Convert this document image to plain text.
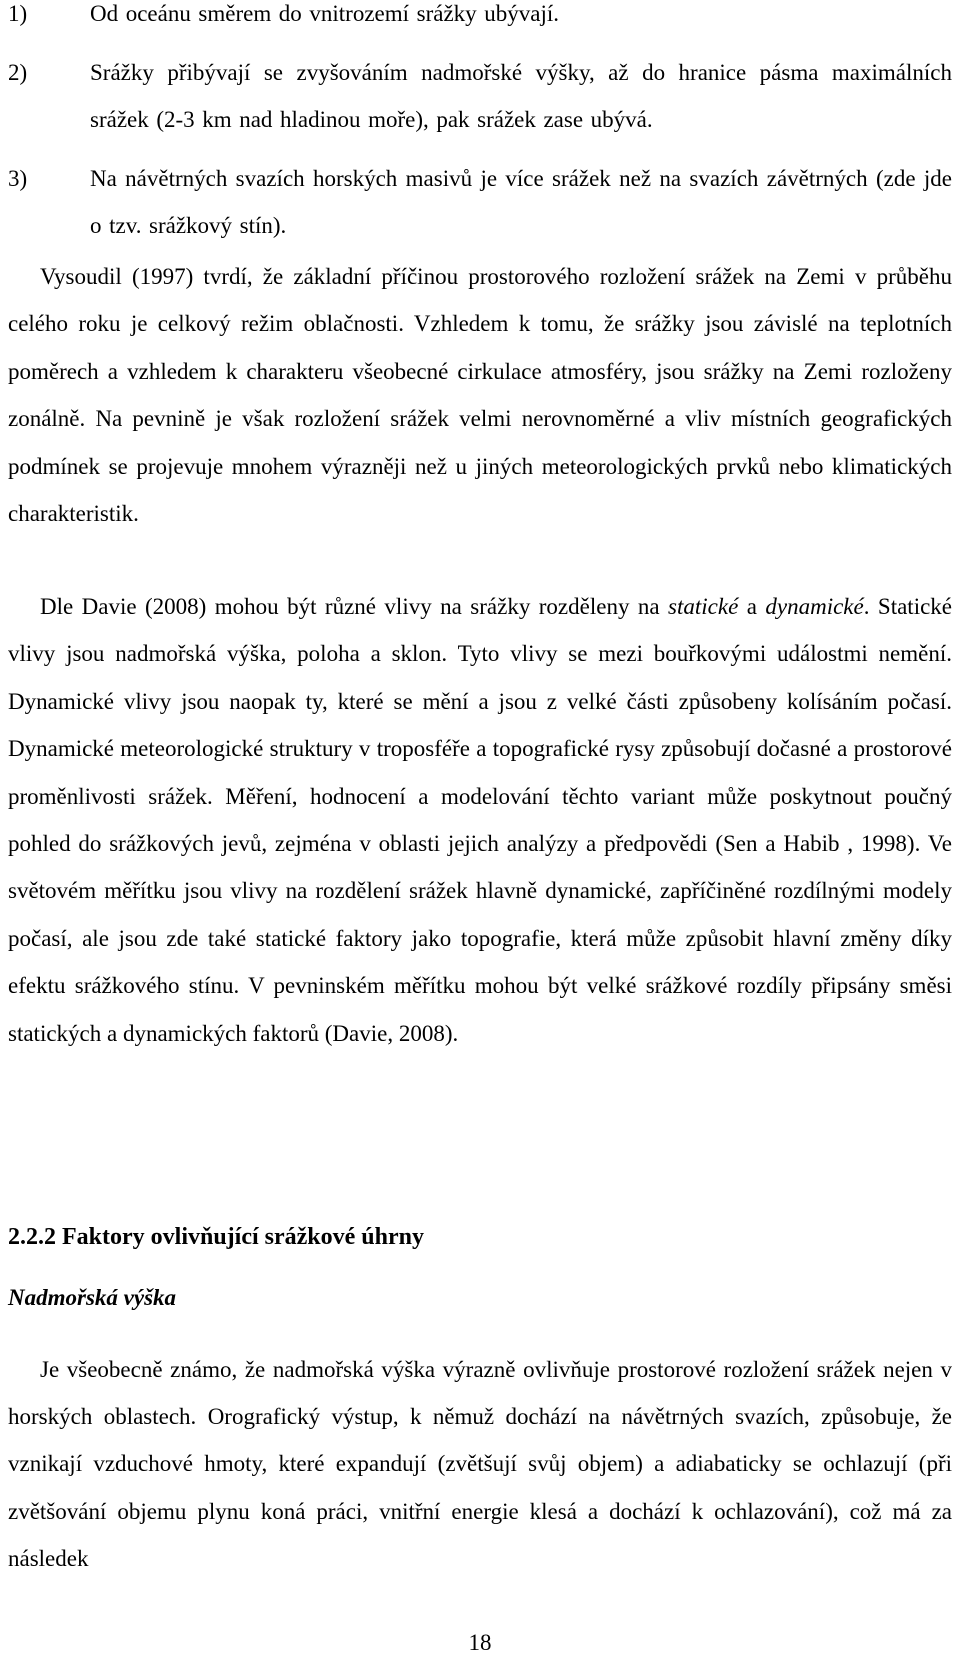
1)	Od oceánu směrem do vnitrozemí srážky ubývají.
2)	Srážky přibývají se zvyšováním nadmořské výšky, až do hranice pásma maximálních srážek (2-3 km nad hladinou moře), pak srážek zase ubývá.
3)	Na návětrných svazích horských masivů je více srážek než na svazích závětrných (zde jde o tzv. srážkový stín).

Vysoudil (1997) tvrdí, že základní příčinou prostorového rozložení srážek na Zemi v průběhu celého roku je celkový režim oblačnosti. Vzhledem k tomu, že srážky jsou závislé na teplotních poměrech a vzhledem k charakteru všeobecné cirkulace atmosféry, jsou srážky na Zemi rozloženy zonálně. Na pevnině je však rozložení srážek velmi nerovnoměrné a vliv místních geografických podmínek se projevuje mnohem výrazněji než u jiných meteorologických prvků nebo klimatických charakteristik.

Dle Davie (2008) mohou být různé vlivy na srážky rozděleny na statické a dynamické. Statické vlivy jsou nadmořská výška, poloha a sklon. Tyto vlivy se mezi bouřkovými událostmi nemění. Dynamické vlivy jsou naopak ty, které se mění a jsou z velké části způsobeny kolísáním počasí. Dynamické meteorologické struktury v troposféře a topografické rysy způsobují dočasné a prostorové proměnlivosti srážek. Měření, hodnocení a modelování těchto variant může poskytnout poučný pohled do srážkových jevů, zejména v oblasti jejich analýzy a předpovědi (Sen a Habib , 1998). Ve světovém měřítku jsou vlivy na rozdělení srážek hlavně dynamické, zapříčiněné rozdílnými modely počasí, ale jsou zde také statické faktory jako topografie, která může způsobit hlavní změny díky efektu srážkového stínu. V pevninském měřítku mohou být velké srážkové rozdíly připsány směsi statických a dynamických faktorů (Davie, 2008).

2.2.2 Faktory ovlivňující srážkové úhrny
Nadmořská výška

Je všeobecně známo, že nadmořská výška výrazně ovlivňuje prostorové rozložení srážek nejen v horských oblastech. Orografický výstup, k němuž dochází na návětrných svazích, způsobuje, že vznikají vzduchové hmoty, které expandují (zvětšují svůj objem) a adiabaticky se ochlazují (při zvětšování objemu plynu koná práci, vnitřní energie klesá a dochází k ochlazování), což má za následek

18
